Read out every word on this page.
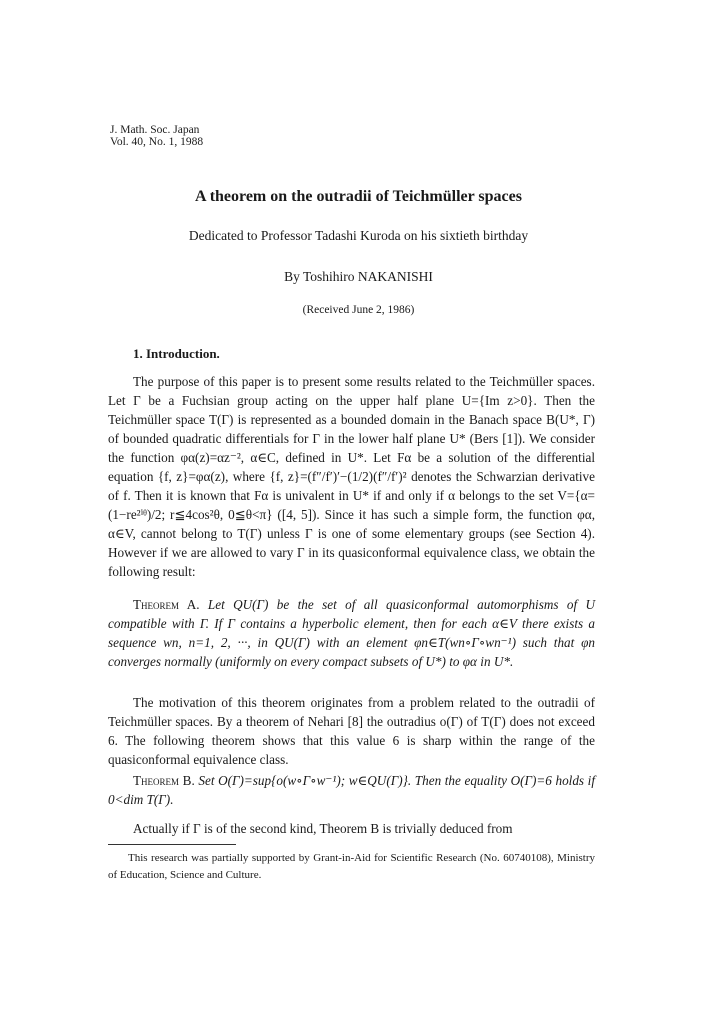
J. Math. Soc. Japan
Vol. 40, No. 1, 1988
A theorem on the outradii of Teichmüller spaces
Dedicated to Professor Tadashi Kuroda on his sixtieth birthday
By Toshihiro NAKANISHI
(Received June 2, 1986)
1. Introduction.

The purpose of this paper is to present some results related to the Teichmüller spaces. Let Γ be a Fuchsian group acting on the upper half plane U={Im z>0}. Then the Teichmüller space T(Γ) is represented as a bounded domain in the Banach space B(U*, Γ) of bounded quadratic differentials for Γ in the lower half plane U* (Bers [1]). We consider the function φα(z)=αz⁻², α∈C, defined in U*. Let Fα be a solution of the differential equation {f, z}=φα(z), where {f, z}=(f″/f′)′−(1/2)(f″/f′)² denotes the Schwarzian derivative of f. Then it is known that Fα is univalent in U* if and only if α belongs to the set V={α=(1−re²ⁱᶿ)/2; r≦4cos²θ, 0≦θ<π} ([4, 5]). Since it has such a simple form, the function φα, α∈V, cannot belong to T(Γ) unless Γ is one of some elementary groups (see Section 4). However if we are allowed to vary Γ in its quasiconformal equivalence class, we obtain the following result:

Theorem A. Let QU(Γ) be the set of all quasiconformal automorphisms of U compatible with Γ. If Γ contains a hyperbolic element, then for each α∈V there exists a sequence wn, n=1, 2, ···, in QU(Γ) with an element φn∈T(wn∘Γ∘wn⁻¹) such that φn converges normally (uniformly on every compact subsets of U*) to φα in U*.

The motivation of this theorem originates from a problem related to the outradii of Teichmüller spaces. By a theorem of Nehari [8] the outradius o(Γ) of T(Γ) does not exceed 6. The following theorem shows that this value 6 is sharp within the range of the quasiconformal equivalence class.

Theorem B. Set O(Γ)=sup{o(w∘Γ∘w⁻¹); w∈QU(Γ)}. Then the equality O(Γ)=6 holds if 0<dim T(Γ).

Actually if Γ is of the second kind, Theorem B is trivially deduced from

This research was partially supported by Grant-in-Aid for Scientific Research (No. 60740108), Ministry of Education, Science and Culture.
